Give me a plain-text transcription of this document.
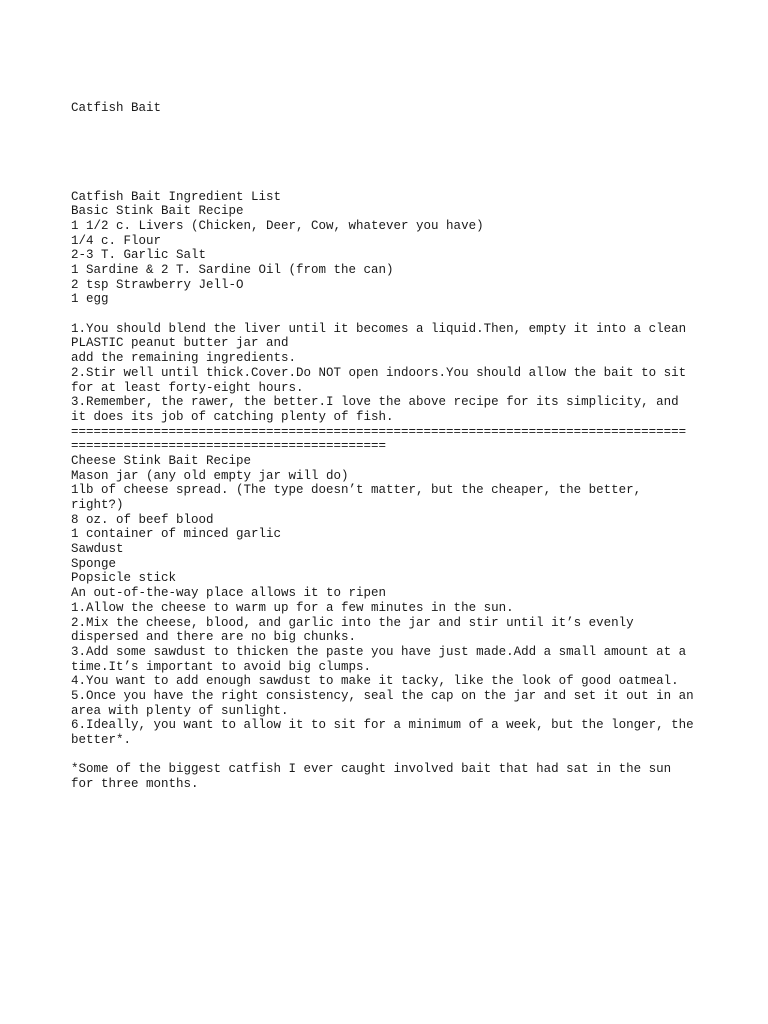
Catfish Bait

Catfish Bait Ingredient List
Basic Stink Bait Recipe
1 1/2 c. Livers (Chicken, Deer, Cow, whatever you have)
1/4 c. Flour
2-3 T. Garlic Salt
1 Sardine & 2 T. Sardine Oil (from the can)
2 tsp Strawberry Jell-O
1 egg
1.You should blend the liver until it becomes a liquid.Then, empty it into a clean
PLASTIC peanut butter jar and
add the remaining ingredients.
2.Stir well until thick.Cover.Do NOT open indoors.You should allow the bait to sit
for at least forty-eight hours.
3.Remember, the rawer, the better.I love the above recipe for its simplicity, and
it does its job of catching plenty of fish.
==================================================================================
==========================================
Cheese Stink Bait Recipe
Mason jar (any old empty jar will do)
1lb of cheese spread. (The type doesn’t matter, but the cheaper, the better,
right?)
8 oz. of beef blood
1 container of minced garlic
Sawdust
Sponge
Popsicle stick
An out-of-the-way place allows it to ripen
1.Allow the cheese to warm up for a few minutes in the sun.
2.Mix the cheese, blood, and garlic into the jar and stir until it’s evenly
dispersed and there are no big chunks.
3.Add some sawdust to thicken the paste you have just made.Add a small amount at a
time.It’s important to avoid big clumps.
4.You want to add enough sawdust to make it tacky, like the look of good oatmeal.
5.Once you have the right consistency, seal the cap on the jar and set it out in an
area with plenty of sunlight.
6.Ideally, you want to allow it to sit for a minimum of a week, but the longer, the
better*.
*Some of the biggest catfish I ever caught involved bait that had sat in the sun
for three months.
